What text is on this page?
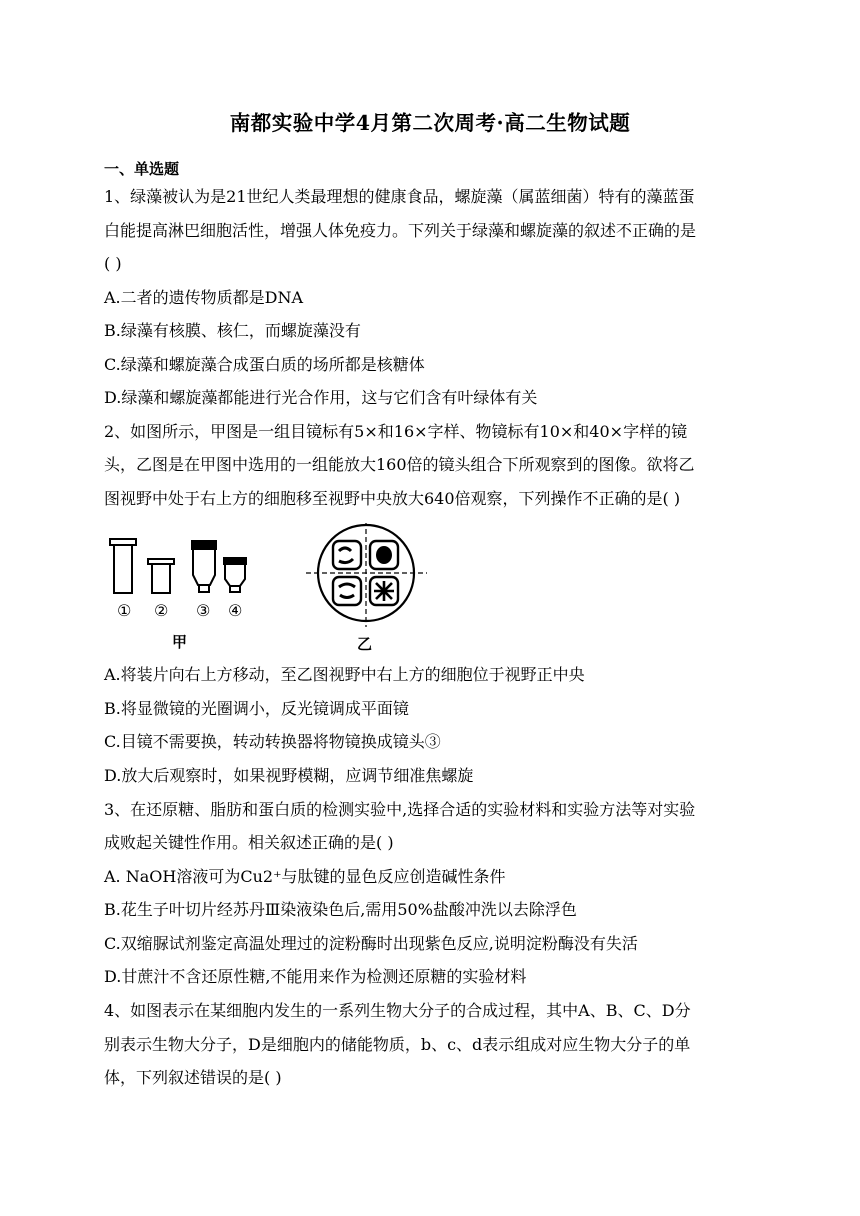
南都实验中学4月第二次周考·高二生物试题
一、单选题
1、绿藻被认为是21世纪人类最理想的健康食品，螺旋藻（属蓝细菌）特有的藻蓝蛋
白能提高淋巴细胞活性，增强人体免疫力。下列关于绿藻和螺旋藻的叙述不正确的是
( )
A.二者的遗传物质都是DNA
B.绿藻有核膜、核仁，而螺旋藻没有
C.绿藻和螺旋藻合成蛋白质的场所都是核糖体
D.绿藻和螺旋藻都能进行光合作用，这与它们含有叶绿体有关
2、如图所示，甲图是一组目镜标有5×和16×字样、物镜标有10×和40×字样的镜
头，乙图是在甲图中选用的一组能放大160倍的镜头组合下所观察到的图像。欲将乙
图视野中处于右上方的细胞移至视野中央放大640倍观察，下列操作不正确的是( )
① ② ③ ④
甲	乙
A.将装片向右上方移动，至乙图视野中右上方的细胞位于视野正中央
B.将显微镜的光圈调小，反光镜调成平面镜
C.目镜不需要换，转动转换器将物镜换成镜头③
D.放大后观察时，如果视野模糊，应调节细准焦螺旋
3、在还原糖、脂肪和蛋白质的检测实验中,选择合适的实验材料和实验方法等对实验
成败起关键性作用。相关叙述正确的是( )
A. NaOH溶液可为Cu2⁺与肽键的显色反应创造碱性条件
B.花生子叶切片经苏丹Ⅲ染液染色后,需用50%盐酸冲洗以去除浮色
C.双缩脲试剂鉴定高温处理过的淀粉酶时出现紫色反应,说明淀粉酶没有失活
D.甘蔗汁不含还原性糖,不能用来作为检测还原糖的实验材料
4、如图表示在某细胞内发生的一系列生物大分子的合成过程，其中A、B、C、D分
别表示生物大分子，D是细胞内的储能物质，b、c、d表示组成对应生物大分子的单
体，下列叙述错误的是( )
